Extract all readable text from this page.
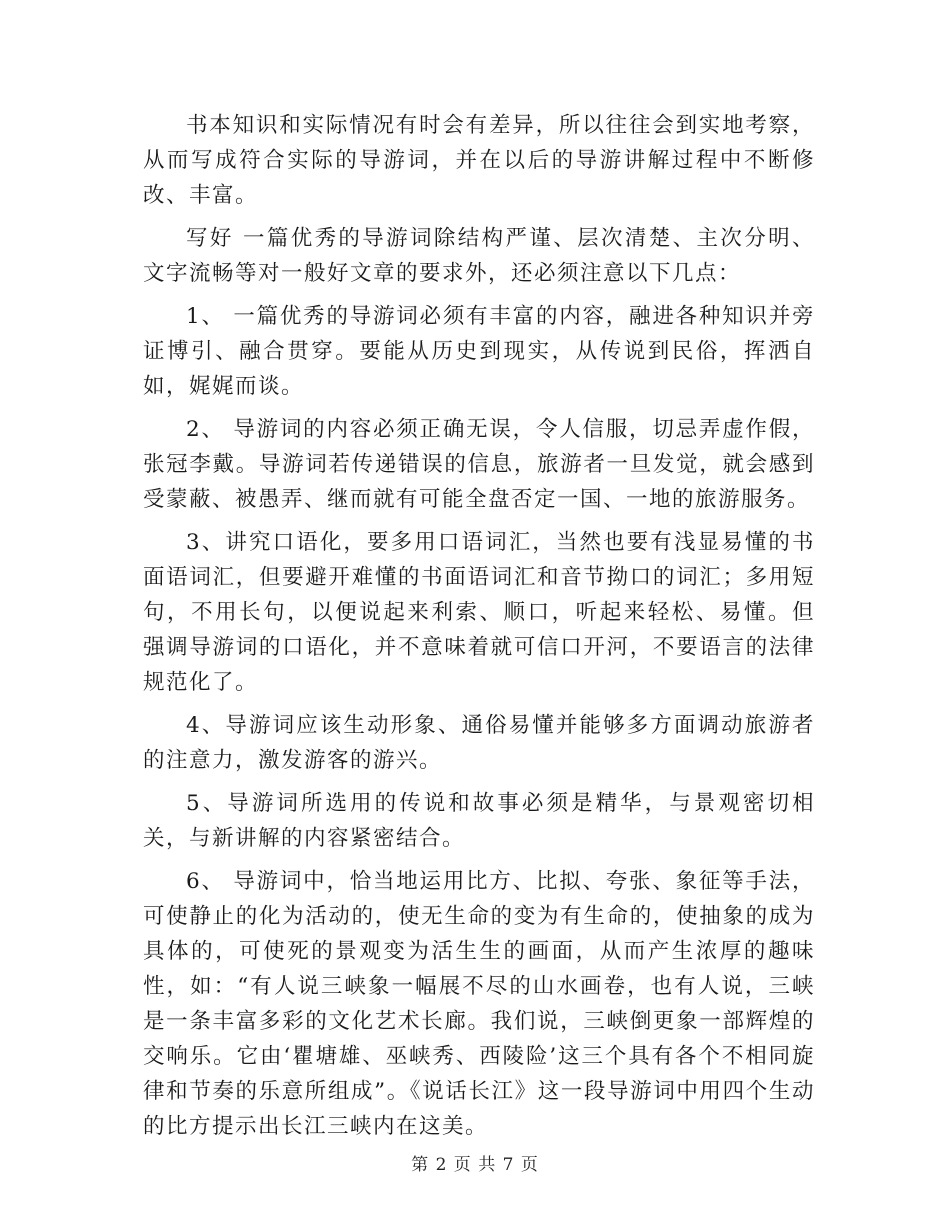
书本知识和实际情况有时会有差异，所以往往会到实地考察，从而写成符合实际的导游词，并在以后的导游讲解过程中不断修改、丰富。

写好 一篇优秀的导游词除结构严谨、层次清楚、主次分明、文字流畅等对一般好文章的要求外，还必须注意以下几点：

1、 一篇优秀的导游词必须有丰富的内容，融进各种知识并旁证博引、融合贯穿。要能从历史到现实，从传说到民俗，挥洒自如，娓娓而谈。

2、 导游词的内容必须正确无误，令人信服，切忌弄虚作假，张冠李戴。导游词若传递错误的信息，旅游者一旦发觉，就会感到受蒙蔽、被愚弄、继而就有可能全盘否定一国、一地的旅游服务。

3、讲究口语化，要多用口语词汇，当然也要有浅显易懂的书面语词汇，但要避开难懂的书面语词汇和音节拗口的词汇；多用短句，不用长句，以便说起来利索、顺口，听起来轻松、易懂。但 强调导游词的口语化，并不意味着就可信口开河，不要语言的法律规范化了。

4、导游词应该生动形象、通俗易懂并能够多方面调动旅游者的注意力，激发游客的游兴。

5、导游词所选用的传说和故事必须是精华，与景观密切相关，与新讲解的内容紧密结合。

6、 导游词中，恰当地运用比方、比拟、夸张、象征等手法，可使静止的化为活动的，使无生命的变为有生命的，使抽象的成为具体的，可使死的景观变为活生生的画面，从而产生浓厚的趣味性，如：“有人说三峡象一幅展不尽的山水画卷，也有人说，三峡是一条丰富多彩的文化艺术长廊。我们说，三峡倒更象一部辉煌的交响乐。它由‘瞿塘雄、巫峡秀、西陵险’这三个具有各个不相同旋律和节奏的乐意所组成”。《说话长江》这一段导游词中用四个生动的比方提示出长江三峡内在这美。

第 2 页 共 7 页
